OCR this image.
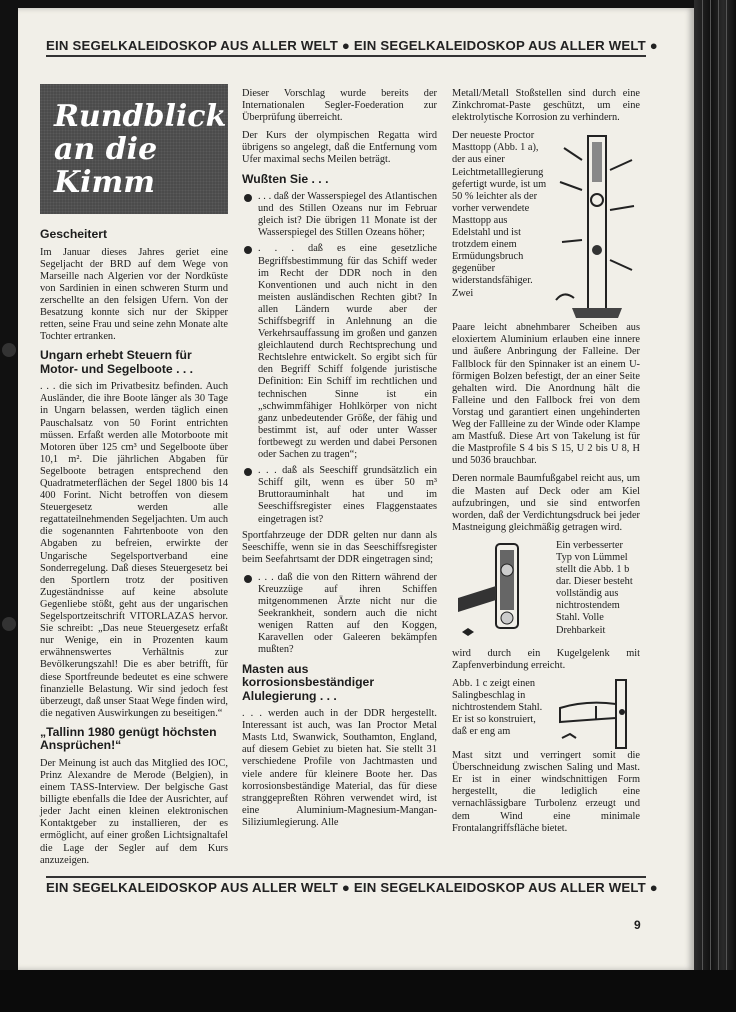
EIN SEGELKALEIDOSKOP AUS ALLER WELT ● EIN SEGELKALEIDOSKOP AUS ALLER WELT ●
Rundblick
an die
Kimm
Gescheitert

Im Januar dieses Jahres geriet eine Segeljacht der BRD auf dem Wege von Marseille nach Algerien vor der Nordküste von Sardinien in einen schweren Sturm und zerschellte an den felsigen Ufern. Von der Besatzung konnte sich nur der Skipper retten, seine Frau und seine zehn Monate alte Tochter ertranken.

Ungarn erhebt Steuern für Motor- und Segelboote . . .

. . . die sich im Privatbesitz befinden. Auch Ausländer, die ihre Boote länger als 30 Tage in Ungarn belassen, werden täglich einen Pauschalsatz von 50 Forint entrichten müssen. Erfaßt werden alle Motorboote mit Motoren über 125 cm³ und Segelboote über 10,1 m². Die jährlichen Abgaben für Segelboote betragen entsprechend den Quadratmeterflächen der Segel 1800 bis 14 400 Forint. Nicht betroffen von diesem Steuergesetz werden alle regattateilnehmenden Segeljachten. Um auch die sogenannten Fahrtenboote von den Abgaben zu befreien, erwirkte der Ungarische Segelsportverband eine Sonderregelung. Daß dieses Steuergesetz bei den Sportlern trotz der positiven Zugeständnisse auf keine absolute Gegenliebe stößt, geht aus der ungarischen Segelsportzeitschrift VITORLAZAS hervor. Sie schreibt: „Das neue Steuergesetz erfaßt nur Wenige, ein in Prozenten kaum erwähnenswertes Verhältnis zur Bevölkerungszahl! Die es aber betrifft, für diese Sportfreunde bedeutet es eine schwere finanzielle Belastung. Wir sind jedoch fest überzeugt, daß unser Staat Wege finden wird, die negativen Auswirkungen zu beseitigen.“

„Tallinn 1980 genügt höchsten Ansprüchen!“

Der Meinung ist auch das Mitglied des IOC, Prinz Alexandre de Merode (Belgien), in einem TASS-Interview. Der belgische Gast billigte ebenfalls die Idee der Ausrichter, auf jeder Jacht einen kleinen elektronischen Kontaktgeber zu installieren, der es ermöglicht, auf einer großen Lichtsignaltafel die Lage der Segler auf dem Kurs anzuzeigen.

Dieser Vorschlag wurde bereits der Internationalen Segler-Foederation zur Überprüfung überreicht.

Der Kurs der olympischen Regatta wird übrigens so angelegt, daß die Entfernung vom Ufer maximal sechs Meilen beträgt.

Wußten Sie . . .

. . . daß der Wasserspiegel des Atlantischen und des Stillen Ozeans nur im Februar gleich ist? Die übrigen 11 Monate ist der Wasserspiegel des Stillen Ozeans höher;

. . . daß es eine gesetzliche Begriffsbestimmung für das Schiff weder im Recht der DDR noch in den Konventionen und auch nicht in den meisten ausländischen Rechten gibt? In allen Ländern wurde aber der Schiffsbegriff in Anlehnung an die Verkehrsauffassung im großen und ganzen gleichlautend durch Rechtsprechung und Rechtslehre entwickelt. So ergibt sich für den Begriff Schiff folgende juristische Definition: Ein Schiff im rechtlichen und technischen Sinne ist ein „schwimmfähiger Hohlkörper von nicht ganz unbedeutender Größe, der fähig und bestimmt ist, auf oder unter Wasser fortbewegt zu werden und dabei Personen oder Sachen zu tragen“;

. . . daß als Seeschiff grundsätzlich ein Schiff gilt, wenn es über 50 m³ Bruttorauminhalt hat und im Seeschiffsregister eines Flaggenstaates eingetragen ist?

Sportfahrzeuge der DDR gelten nur dann als Seeschiffe, wenn sie in das Seeschiffsregister beim Seefahrtsamt der DDR eingetragen sind;

. . . daß die von den Rittern während der Kreuzzüge auf ihren Schiffen mitgenommenen Ärzte nicht nur die Seekrankheit, sondern auch die nicht wenigen Ratten auf den Koggen, Karavellen oder Galeeren bekämpfen mußten?

Masten aus korrosionsbeständiger Alulegierung . . .

. . . werden auch in der DDR hergestellt. Interessant ist auch, was Ian Proctor Metal Masts Ltd, Swanwick, Southamton, England, auf diesem Gebiet zu bieten hat. Sie stellt 31 verschiedene Profile von Jachtmasten und viele andere für kleinere Boote her. Das korrosionsbeständige Material, das für diese stranggepreßten Röhren verwendet wird, ist eine Aluminium-Magnesium-Mangan-Siliziumlegierung. Alle

Metall/Metall Stoßstellen sind durch eine Zinkchromat-Paste geschützt, um eine elektrolytische Korrosion zu verhindern.

Der neueste Proctor Masttopp (Abb. 1 a), der aus einer Leichtmetalllegierung gefertigt wurde, ist um 50 % leichter als der vorher verwendete Masttopp aus Edelstahl und ist trotzdem einem Ermüdungsbruch gegenüber widerstandsfähiger. Zwei

Paare leicht abnehmbarer Scheiben aus eloxiertem Aluminium erlauben eine innere und äußere Anbringung der Falleine. Der Fallblock für den Spinnaker ist an einem U-förmigen Bolzen befestigt, der an einer Seite gehalten wird. Die Anordnung hält die Falleine und den Fallbock frei von dem Vorstag und garantiert einen ungehinderten Weg der Fallleine zu der Winde oder Klampe am Mastfuß. Diese Art von Takelung ist für die Mastprofile S 4 bis S 15, U 2 bis U 8, H und 5036 brauchbar.

Deren normale Baumfußgabel reicht aus, um die Masten auf Deck oder am Kiel aufzubringen, und sie sind entworfen worden, daß der Verdichtungsdruck bei jeder Mastneigung gleichmäßig getragen wird.

Ein verbesserter Typ von Lümmel stellt die Abb. 1 b dar. Dieser besteht vollständig aus nichtrostendem Stahl. Volle Drehbarkeit

wird durch ein Kugelgelenk mit Zapfenverbindung erreicht.

Abb. 1 c zeigt einen Salingbeschlag in nichtrostendem Stahl. Er ist so konstruiert, daß er eng am

Mast sitzt und verringert somit die Überschneidung zwischen Saling und Mast. Er ist in einer windschnittigen Form hergestellt, die lediglich eine vernachlässigbare Turbolenz erzeugt und dem Wind eine minimale Frontalangriffsfläche bietet.

EIN SEGELKALEIDOSKOP AUS ALLER WELT ● EIN SEGELKALEIDOSKOP AUS ALLER WELT ●
9
